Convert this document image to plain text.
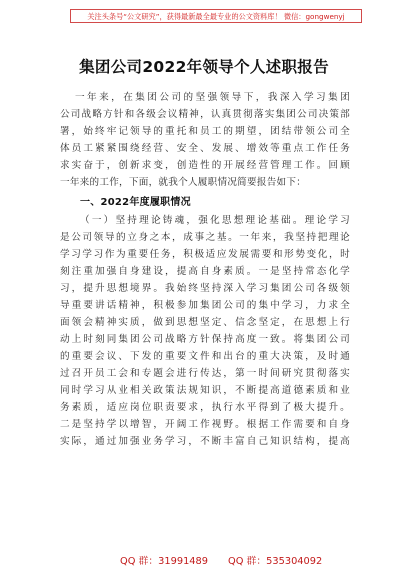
关注头条号“公文研究”，获得最新最全最专业的公文资料库！ 微信：gongwenyj
集团公司2022年领导个人述职报告
一年来，在集团公司的坚强领导下，我深入学习集团
公司战略方针和各级会议精神，认真贯彻落实集团公司决策部
署，始终牢记领导的重托和员工的期望，团结带领公司全
体员工紧紧围绕经营、安全、发展、增效等重点工作任务
求实奋于，创新求变，创造性的开展经营管理工作。回顾
一年来的工作，下面，就我个人履职情况简要报告如下：
一、2022年度履职情况
（一）坚持理论铸魂，强化思想理论基础。理论学习
是公司领导的立身之本，成事之基。一年来，我坚持把理论
学习学习作为重要任务，积极适应发展需要和形势变化，时
刻注重加强自身建设，提高自身素质。一是坚持常态化学
习，提升思想境界。我始终坚持深入学习集团公司各级领
导重要讲话精神，积极参加集团公司的集中学习，力求全
面领会精神实质，做到思想坚定、信念坚定，在思想上行
动上时刻同集团公司战略方针保持高度一致。将集团公司
的重要会议、下发的重要文件和出台的重大决策，及时通
过召开员工会和专题会进行传达，第一时间研究贯彻落实
同时学习从业相关政策法规知识，不断提高道德素质和业
务素质，适应岗位职责要求，执行水平得到了极大提升。
二是坚持学以增智，开阔工作视野。根据工作需要和自身
实际，通过加强业务学习，不断丰富自己知识结构，提高
QQ 群：31991489 QQ 群：535304092
